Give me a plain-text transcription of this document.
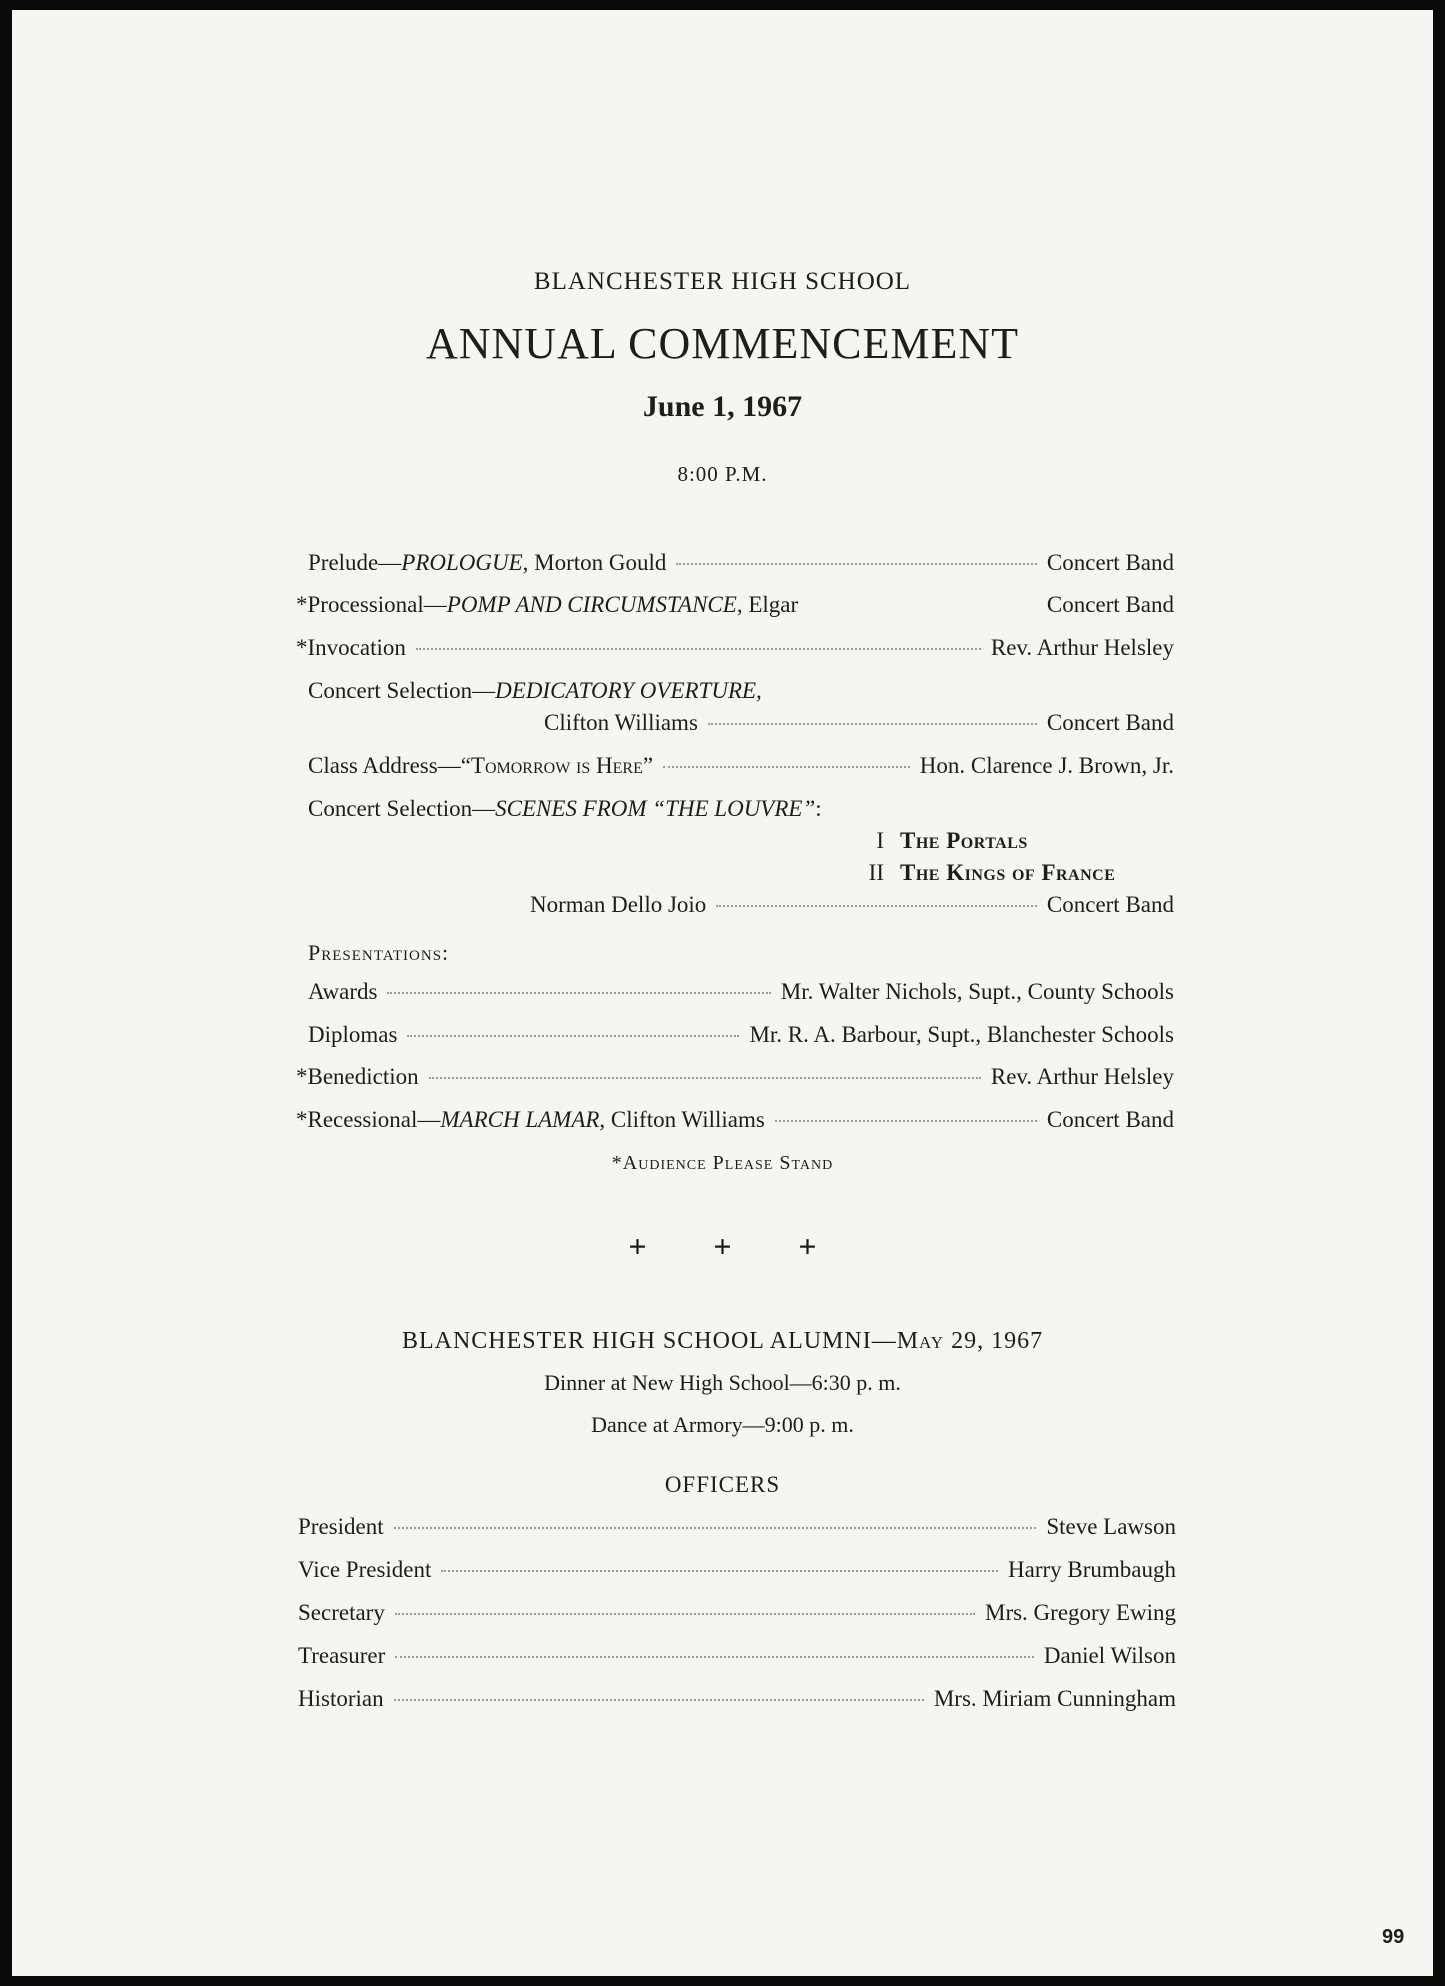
BLANCHESTER HIGH SCHOOL
ANNUAL COMMENCEMENT
June 1, 1967
8:00 P.M.
Prelude— PROLOGUE , Morton Gould	Concert Band
*Processional— POMP AND CIRCUMSTANCE , Elgar	Concert Band
*Invocation	Rev. Arthur Helsley
Concert Selection— DEDICATORY OVERTURE,
Clifton Williams	Concert Band
Class Address— “Tomorrow is Here”	Hon. Clarence J. Brown, Jr.
Concert Selection— SCENES FROM “THE LOUVRE” :
I The Portals
II The Kings of France
Norman Dello Joio	Concert Band
Presentations:
Awards	Mr. Walter Nichols, Supt., County Schools
Diplomas	Mr. R. A. Barbour, Supt., Blanchester Schools
*Benediction	Rev. Arthur Helsley
*Recessional— MARCH LAMAR , Clifton Williams	Concert Band
*Audience Please Stand
+ + +
BLANCHESTER HIGH SCHOOL ALUMNI—May 29, 1967
Dinner at New High School—6:30 p. m.
Dance at Armory—9:00 p. m.
OFFICERS
President	Steve Lawson
Vice President	Harry Brumbaugh
Secretary	Mrs. Gregory Ewing
Treasurer	Daniel Wilson
Historian	Mrs. Miriam Cunningham
99
